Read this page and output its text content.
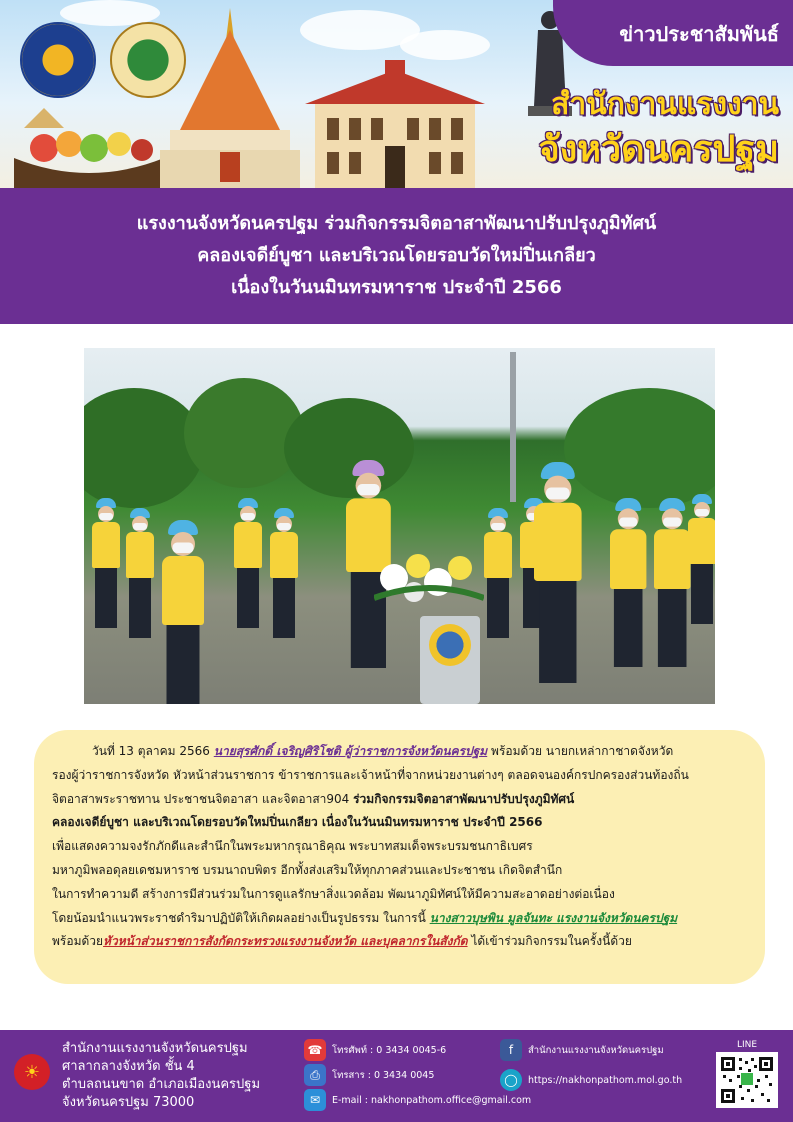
ข่าวประชาสัมพันธ์
สำนักงานแรงงาน
จังหวัดนครปฐม
แรงงานจังหวัดนครปฐม ร่วมกิจกรรมจิตอาสาพัฒนาปรับปรุงภูมิทัศน์
คลองเจดีย์บูชา และบริเวณโดยรอบวัดใหม่ปิ่นเกลียว
เนื่องในวันนมินทรมหาราช ประจำปี 2566
วันที่ 13 ตุลาคม 2566 นายสุรศักดิ์ เจริญศิริโชติ ผู้ว่าราชการจังหวัดนครปฐม พร้อมด้วย นายกเหล่ากาชาดจังหวัด
รองผู้ว่าราชการจังหวัด หัวหน้าส่วนราชการ ข้าราชการและเจ้าหน้าที่จากหน่วยงานต่างๆ ตลอดจนองค์กรปกครองส่วนท้องถิ่น
จิตอาสาพระราชทาน ประชาชนจิตอาสา และจิตอาสา904 ร่วมกิจกรรมจิตอาสาพัฒนาปรับปรุงภูมิทัศน์
คลองเจดีย์บูชา และบริเวณโดยรอบวัดใหม่ปิ่นเกลียว เนื่องในวันนมินทรมหาราช ประจำปี 2566
เพื่อแสดงความจงรักภักดีและสำนึกในพระมหากรุณาธิคุณ พระบาทสมเด็จพระบรมชนกาธิเบศร
มหาภูมิพลอดุลยเดชมหาราช บรมนาถบพิตร อีกทั้งส่งเสริมให้ทุกภาคส่วนและประชาชน เกิดจิตสำนึก
ในการทำความดี สร้างการมีส่วนร่วมในการดูแลรักษาสิ่งแวดล้อม พัฒนาภูมิทัศน์ให้มีความสะอาดอย่างต่อเนื่อง
โดยน้อมนำแนวพระราชดำริมาปฏิบัติให้เกิดผลอย่างเป็นรูปธรรม ในการนี้ นางสาวบุษพิน มูลจันทะ แรงงานจังหวัดนครปฐม
พร้อมด้วยหัวหน้าส่วนราชการสังกัดกระทรวงแรงงานจังหวัด และบุคลากรในสังกัด ได้เข้าร่วมกิจกรรมในครั้งนี้ด้วย
☀
สำนักงานแรงงานจังหวัดนครปฐม
ศาลากลางจังหวัด ชั้น 4
ตำบลถนนขาด อำเภอเมืองนครปฐม
จังหวัดนครปฐม 73000
☎	โทรศัพท์ : 0 3434 0045-6
⎙	โทรสาร : 0 3434 0045
✉	E-mail : nakhonpathom.office@gmail.com
f	สำนักงานแรงงานจังหวัดนครปฐม
◯	https://nakhonpathom.mol.go.th
LINE
